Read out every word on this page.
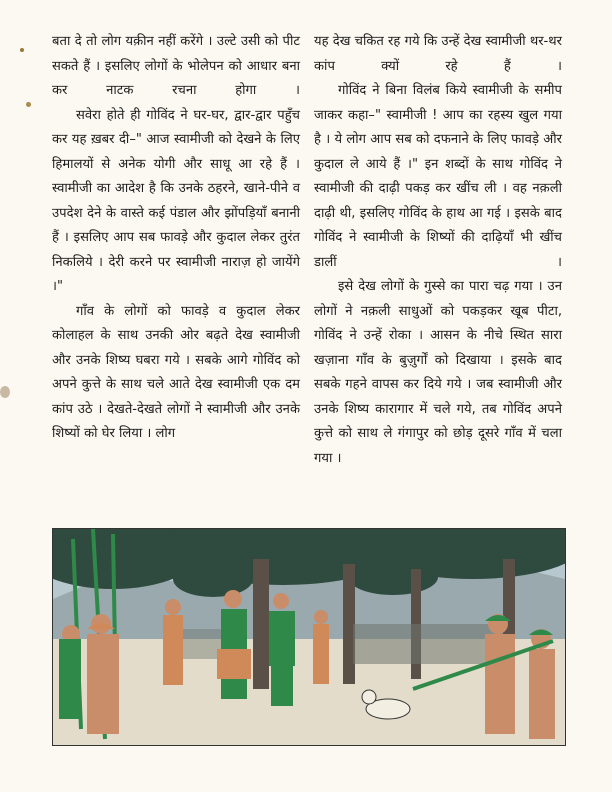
बता दे तो लोग यक़ीन नहीं करेंगे । उल्टे उसी को पीट सकते हैं । इसलिए लोगों के भोलेपन को आधार बना कर नाटक रचना होगा ।

सवेरा होते ही गोविंद ने घर-घर, द्वार-द्वार पहुँच कर यह ख़बर दी–" आज स्वामीजी को देखने के लिए हिमालयों से अनेक योगी और साधू आ रहे हैं । स्वामीजी का आदेश है कि उनके ठहरने, खाने-पीने व उपदेश देने के वास्ते कई पंडाल और झोंपड़ियाँ बनानी हैं । इसलिए आप सब फावड़े और कुदाल लेकर तुरंत निकलिये । देरी करने पर स्वामीजी नाराज़ हो जायेंगे ।"

गाँव के लोगों को फावड़े व कुदाल लेकर कोलाहल के साथ उनकी ओर बढ़ते देख स्वामीजी और उनके शिष्य घबरा गये । सबके आगे गोविंद को अपने कुत्ते के साथ चले आते देख स्वामीजी एक दम कांप उठे । देखते-देखते लोगों ने स्वामीजी और उनके शिष्यों को घेर लिया । लोग

यह देख चकित रह गये कि उन्हें देख स्वामीजी थर-थर कांप क्यों रहे हैं ।

गोविंद ने बिना विलंब किये स्वामीजी के समीप जाकर कहा–" स्वामीजी ! आप का रहस्य खुल गया है । ये लोग आप सब को दफनाने के लिए फावड़े और कुदाल ले आये हैं ।" इन शब्दों के साथ गोविंद ने स्वामीजी की दाढ़ी पकड़ कर खींच ली । वह नक़ली दाढ़ी थी, इसलिए गोविंद के हाथ आ गई । इसके बाद गोविंद ने स्वामीजी के शिष्यों की दाढ़ियाँ भी खींच डालीं ।

इसे देख लोगों के गुस्से का पारा चढ़ गया । उन लोगों ने नक़ली साधुओं को पकड़कर खूब पीटा, गोविंद ने उन्हें रोका । आसन के नीचे स्थित सारा खज़ाना गाँव के बुज़ुर्गों को दिखाया । इसके बाद सबके गहने वापस कर दिये गये । जब स्वामीजी और उनके शिष्य कारागार में चले गये, तब गोविंद अपने कुत्ते को साथ ले गंगापुर को छोड़ दूसरे गाँव में चला गया ।
